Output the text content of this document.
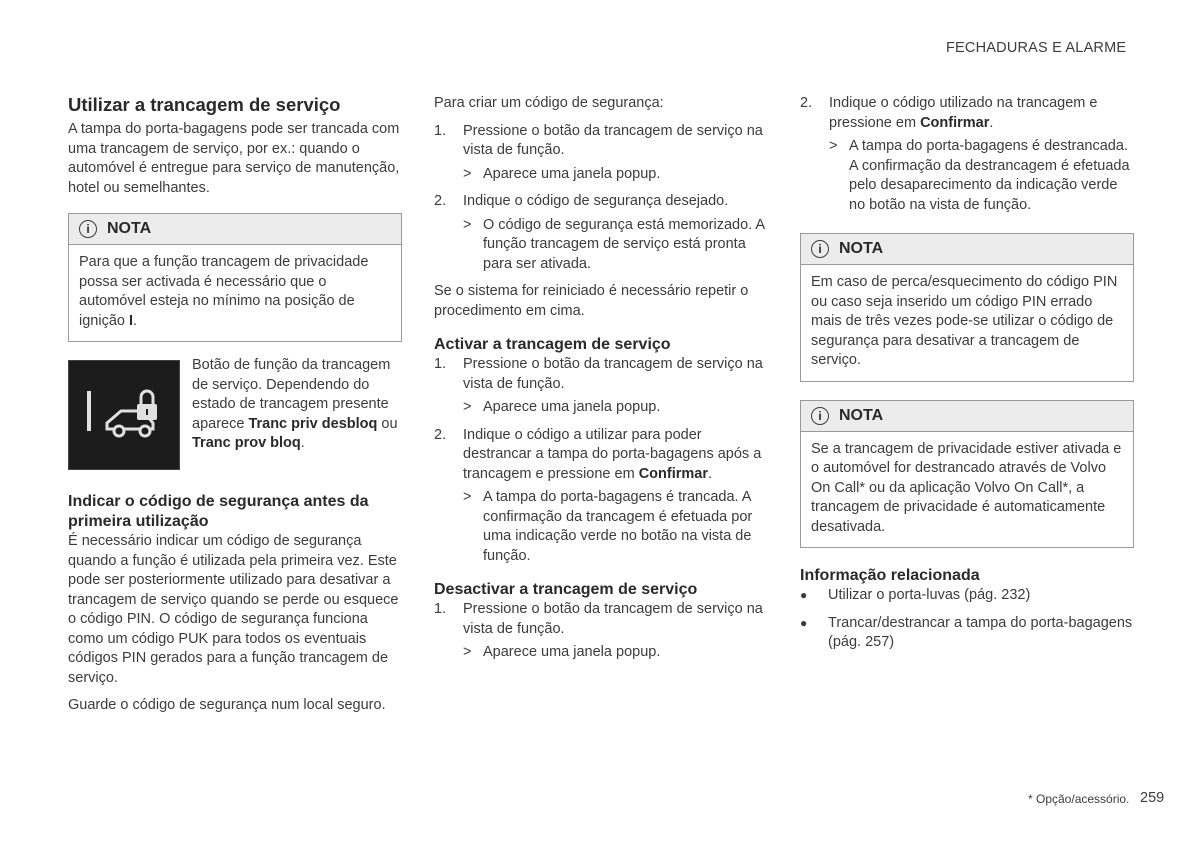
FECHADURAS E ALARME
Utilizar a trancagem de serviço

A tampa do porta-bagagens pode ser trancada com uma trancagem de serviço, por ex.: quando o automóvel é entregue para serviço de manutenção, hotel ou semelhantes.

i	NOTA
Para que a função trancagem de privacidade possa ser activada é necessário que o automóvel esteja no mínimo na posição de ignição I.

Botão de função da trancagem de serviço. Dependendo do estado de trancagem presente aparece Tranc priv desbloq ou Tranc prov bloq.

Indicar o código de segurança antes da primeira utilização

É necessário indicar um código de segurança quando a função é utilizada pela primeira vez. Este pode ser posteriormente utilizado para desativar a trancagem de serviço quando se perde ou esquece o código PIN. O código de segurança funciona como um código PUK para todos os eventuais códigos PIN gerados para a função trancagem de serviço.

Guarde o código de segurança num local seguro.

Para criar um código de segurança:

1.	Pressione o botão da trancagem de serviço na vista de função.
> Aparece uma janela popup.
2.	Indique o código de segurança desejado.
> O código de segurança está memorizado. A função trancagem de serviço está pronta para ser ativada.

Se o sistema for reiniciado é necessário repetir o procedimento em cima.

Activar a trancagem de serviço
1.	Pressione o botão da trancagem de serviço na vista de função.
> Aparece uma janela popup.
2.	Indique o código a utilizar para poder destrancar a tampa do porta-bagagens após a trancagem e pressione em Confirmar.
> A tampa do porta-bagagens é trancada. A confirmação da trancagem é efetuada por uma indicação verde no botão na vista de função.
Desactivar a trancagem de serviço
1.	Pressione o botão da trancagem de serviço na vista de função.
> Aparece uma janela popup.
2.	Indique o código utilizado na trancagem e pressione em Confirmar.
> A tampa do porta-bagagens é destrancada. A confirmação da destrancagem é efetuada pelo desaparecimento da indicação verde no botão na vista de função.
i	NOTA
Em caso de perca/esquecimento do código PIN ou caso seja inserido um código PIN errado mais de três vezes pode-se utilizar o código de segurança para desativar a trancagem de serviço.
i	NOTA
Se a trancagem de privacidade estiver ativada e o automóvel for destrancado através de Volvo On Call* ou da aplicação Volvo On Call*, a trancagem de privacidade é automaticamente desativada.
Informação relacionada
●	Utilizar o porta-luvas (pág. 232)
●	Trancar/destrancar a tampa do porta-bagagens (pág. 257)
* Opção/acessório. 259
